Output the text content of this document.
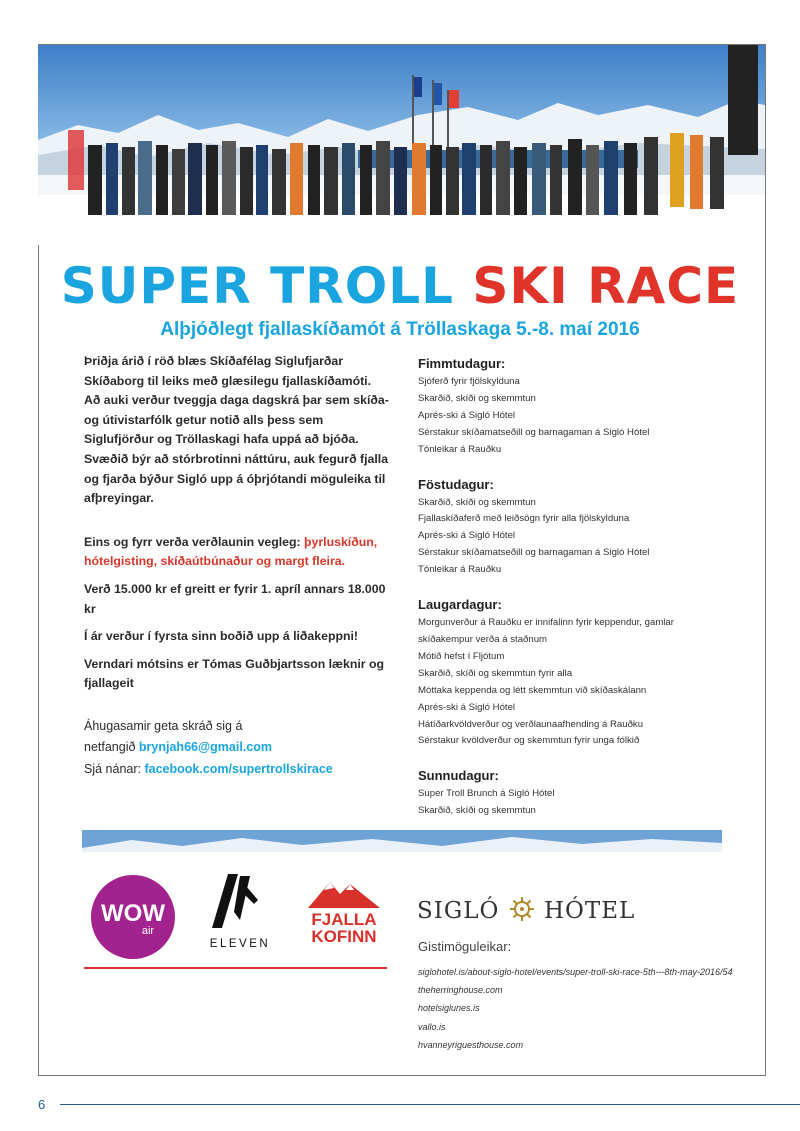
SUPER TROLL SKI RACE
Alþjóðlegt fjallaskíðamót á Tröllaskaga 5.-8. maí 2016

Þriðja árið í röð blæs Skíðafélag Siglufjarðar Skíðaborg til leiks með glæsilegu fjallaskíðamóti. Að auki verður tveggja daga dagskrá þar sem skíða- og útivistarfólk getur notið alls þess sem Siglufjörður og Tröllaskagi hafa uppá að bjóða. Svæðið býr að stórbrotinni náttúru, auk fegurð fjalla og fjarða býður Sigló upp á óþrjótandi möguleika til afþreyingar.

Eins og fyrr verða verðlaunin vegleg: þyrluskíðun, hótelgisting, skíðaútbúnaður og margt fleira.

Verð 15.000 kr ef greitt er fyrir 1. apríl annars 18.000 kr

Í ár verður í fyrsta sinn boðið upp á liðakeppni!

Verndari mótsins er Tómas Guðbjartsson læknir og fjallageit

Áhugasamir geta skráð sig á
netfangið brynjah66@gmail.com
Sjá nánar: facebook.com/supertrollskirace
Fimmtudagur:
Sjóferð fyrir fjölskylduna
Skarðið, skíði og skemmtun
Aprés-ski á Sigló Hótel
Sérstakur skíðamatseðill og barnagaman á Sigló Hótel
Tónleikar á Rauðku
Föstudagur:
Skarðið, skíði og skemmtun
Fjallaskíðaferð með leiðsögn fyrir alla fjölskylduna
Aprés-ski á Sigló Hótel
Sérstakur skíðamatseðill og barnagaman á Sigló Hótel
Tónleikar á Rauðku
Laugardagur:
Morgunverður á Rauðku er innifalinn fyrir keppendur, gamlar
skíðakempur verða á staðnum
Mótið hefst í Fljótum
Skarðið, skíði og skemmtun fyrir alla
Móttaka keppenda og létt skemmtun við skíðaskálann
Aprés-ski á Sigló Hótel
Hátíðarkvöldverður og verðlaunaafhending á Rauðku
Sérstakur kvöldverður og skemmtun fyrir unga fólkið
Sunnudagur:
Super Troll Brunch á Sigló Hótel
Skarðið, skíði og skemmtun
WOW
air
ELEVEN
FJALLA
KOFINN
SIGLÓ HÓTEL
Gistimöguleikar:
siglohotel.is/about-siglo-hotel/events/super-troll-ski-race-5th---8th-may-2016/54
theherringhouse.com
hotelsiglunes.is
vallo.is
hvanneyriguesthouse.com
6
